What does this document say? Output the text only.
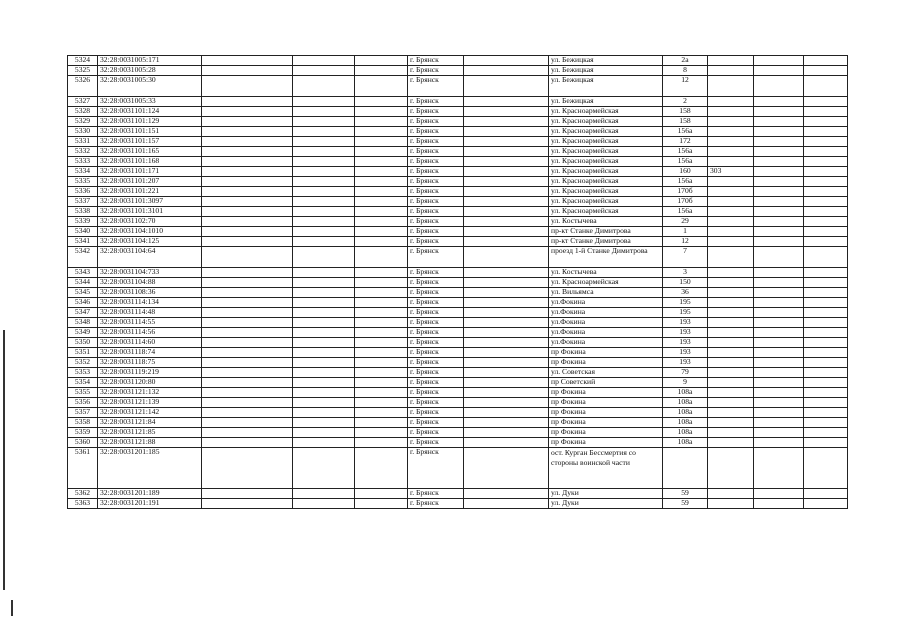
5324	32:28:0031005:171				г. Брянск		ул. Бежицкая	2а			
5325	32:28:0031005:28				г. Брянск		ул. Бежицкая	8			
5326	32:28:0031005:30				г. Брянск		ул. Бежицкая	12			
5327	32:28:0031005:33				г. Брянск		ул. Бежицкая	2			
5328	32:28:0031101:124				г. Брянск		ул. Красноармейская	158			
5329	32:28:0031101:129				г. Брянск		ул. Красноармейская	158			
5330	32:28:0031101:151				г. Брянск		ул. Красноармейская	156а			
5331	32:28:0031101:157				г. Брянск		ул. Красноармейская	172			
5332	32:28:0031101:165				г. Брянск		ул. Красноармейская	156а			
5333	32:28:0031101:168				г. Брянск		ул. Красноармейская	156а			
5334	32:28:0031101:171				г. Брянск		ул. Красноармейская	160	303		
5335	32:28:0031101:207				г. Брянск		ул. Красноармейская	156а			
5336	32:28:0031101:221				г. Брянск		ул. Красноармейская	170б			
5337	32:28:0031101:3097				г. Брянск		ул. Красноармейская	170б			
5338	32:28:0031101:3101				г. Брянск		ул. Красноармейская	156а			
5339	32:28:0031102:70				г. Брянск		ул. Костычева	29			
5340	32:28:0031104:1010				г. Брянск		пр-кт Станке Димитрова	1			
5341	32:28:0031104:125				г. Брянск		пр-кт Станке Димитрова	12			
5342	32:28:0031104:64				г. Брянск		проезд 1-й Станке Димитрова	7			
5343	32:28:0031104:733				г. Брянск		ул. Костычева	3			
5344	32:28:0031104:88				г. Брянск		ул. Красноармейская	150			
5345	32:28:0031108:36				г. Брянск		ул. Вильямса	36			
5346	32:28:0031114:134				г. Брянск		ул.Фокина	195			
5347	32:28:0031114:48				г. Брянск		ул.Фокина	195			
5348	32:28:0031114:55				г. Брянск		ул.Фокина	193			
5349	32:28:0031114:56				г. Брянск		ул.Фокина	193			
5350	32:28:0031114:60				г. Брянск		ул.Фокина	193			
5351	32:28:0031118:74				г. Брянск		пр Фокина	193			
5352	32:28:0031118:75				г. Брянск		пр Фокина	193			
5353	32:28:0031119:219				г. Брянск		ул. Советская	79			
5354	32:28:0031120:80				г. Брянск		пр Советский	9			
5355	32:28:0031121:132				г. Брянск		пр Фокина	108а			
5356	32:28:0031121:139				г. Брянск		пр Фокина	108а			
5357	32:28:0031121:142				г. Брянск		пр Фокина	108а			
5358	32:28:0031121:84				г. Брянск		пр Фокина	108а			
5359	32:28:0031121:85				г. Брянск		пр Фокина	108а			
5360	32:28:0031121:88				г. Брянск		пр Фокина	108а			
5361	32:28:0031201:185				г. Брянск		ост. Курган Бессмертия со стороны воинской части				
5362	32:28:0031201:189				г. Брянск		ул. Дуки	59			
5363	32:28:0031201:191				г. Брянск		ул. Дуки	59			
